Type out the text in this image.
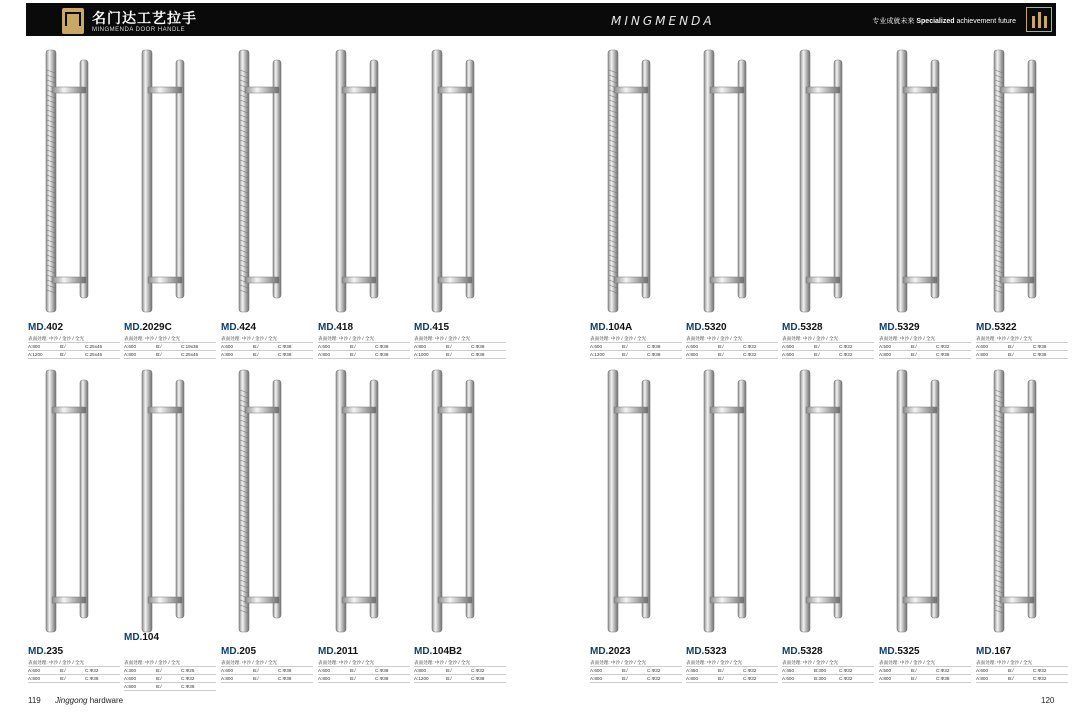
名门达工艺拉手
MINGMENDA DOOR HANDLE
MINGMENDA	专业成就未来 Specialized achievement future
MD.402
表面处理: 中沙 / 金沙 / 全光
A:800	B:/	C:25x45
A:1200	B:/	C:25x45
MD.2029C
表面处理: 中沙 / 金沙 / 全光
A:600	B:/	C:19x38
A:800	B:/	C:25x45
MD.424
表面处理: 中沙 / 金沙 / 全光
A:600	B:/	C:Φ38
A:800	B:/	C:Φ38
MD.418
表面处理: 中沙 / 金沙 / 全光
A:600	B:/	C:Φ38
A:800	B:/	C:Φ38
MD.415
表面处理: 中沙 / 金沙 / 全光
A:800	B:/	C:Φ38
A:1000	B:/	C:Φ38
MD.104A
表面处理: 中沙 / 金沙 / 全光
A:600	B:/	C:Φ38
A:1200	B:/	C:Φ38
MD.5320
表面处理: 中沙 / 金沙 / 全光
A:600	B:/	C:Φ32
A:800	B:/	C:Φ32
MD.5328
表面处理: 中沙 / 金沙 / 全光
A:600	B:/	C:Φ32
A:600	B:/	C:Φ32
MD.5329
表面处理: 中沙 / 金沙 / 全光
A:500	B:/	C:Φ32
A:800	B:/	C:Φ38
MD.5322
表面处理: 中沙 / 金沙 / 全光
A:600	B:/	C:Φ38
A:800	B:/	C:Φ38
MD.235
表面处理: 中沙 / 金沙 / 全光
A:600	B:/	C:Φ32
A:800	B:/	C:Φ38
MD.104
表面处理: 中沙 / 金沙 / 全光
A:300	B:/	C:Φ25
A:600	B:/	C:Φ32
A:800	B:/	C:Φ38
MD.205
表面处理: 中沙 / 金沙 / 全光
A:600	B:/	C:Φ38
A:800	B:/	C:Φ38
MD.2011
表面处理: 中沙 / 金沙 / 全光
A:600	B:/	C:Φ38
A:800	B:/	C:Φ38
MD.104B2
表面处理: 中沙 / 金沙 / 全光
A:800	B:/	C:Φ32
A:1200	B:/	C:Φ38
MD.2023
表面处理: 中沙 / 金沙 / 全光
A:600	B:/	C:Φ32
A:800	B:/	C:Φ32
MD.5323
表面处理: 中沙 / 金沙 / 全光
A:450	B:/	C:Φ32
A:800	B:/	C:Φ32
MD.5328
表面处理: 中沙 / 金沙 / 全光
A:450	B:300	C:Φ32
A:600	B:300	C:Φ32
MD.5325
表面处理: 中沙 / 金沙 / 全光
A:500	B:/	C:Φ32
A:800	B:/	C:Φ38
MD.167
表面处理: 中沙 / 金沙 / 全光
A:600	B:/	C:Φ32
A:800	B:/	C:Φ32
119 Jinggong hardware	120
